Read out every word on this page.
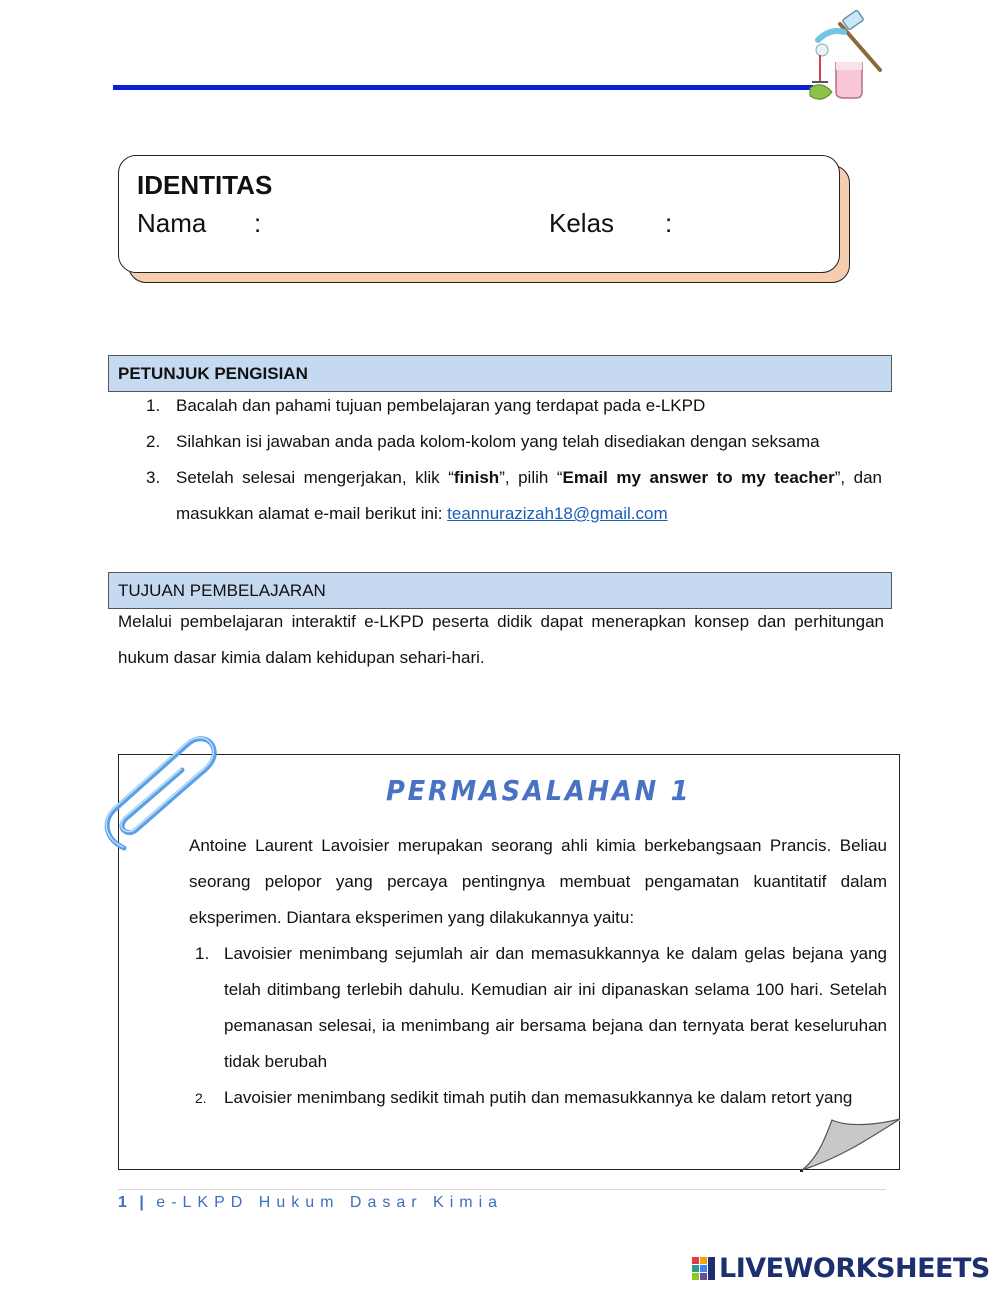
IDENTITAS
Nama :	Kelas :
PETUNJUK PENGISIAN
1. Bacalah dan pahami tujuan pembelajaran yang terdapat pada e-LKPD
2. Silahkan isi jawaban anda pada kolom-kolom yang telah disediakan dengan seksama
3. Setelah selesai mengerjakan, klik “finish”, pilih “Email my answer to my teacher”, dan masukkan alamat e-mail berikut ini: teannurazizah18@gmail.com
TUJUAN PEMBELAJARAN
Melalui pembelajaran interaktif e-LKPD peserta didik dapat menerapkan konsep dan perhitungan hukum dasar kimia dalam kehidupan sehari-hari.
PERMASALAHAN 1
Antoine Laurent Lavoisier merupakan seorang ahli kimia berkebangsaan Prancis. Beliau seorang pelopor yang percaya pentingnya membuat pengamatan kuantitatif dalam eksperimen. Diantara eksperimen yang dilakukannya yaitu:
1. Lavoisier menimbang sejumlah air dan memasukkannya ke dalam gelas bejana yang telah ditimbang terlebih dahulu. Kemudian air ini dipanaskan selama 100 hari. Setelah pemanasan selesai, ia menimbang air bersama bejana dan ternyata berat keseluruhan tidak berubah
2. Lavoisier menimbang sedikit timah putih dan memasukkannya ke dalam retort yang
1 | e-LKPD Hukum Dasar Kimia
LIVEWORKSHEETS
